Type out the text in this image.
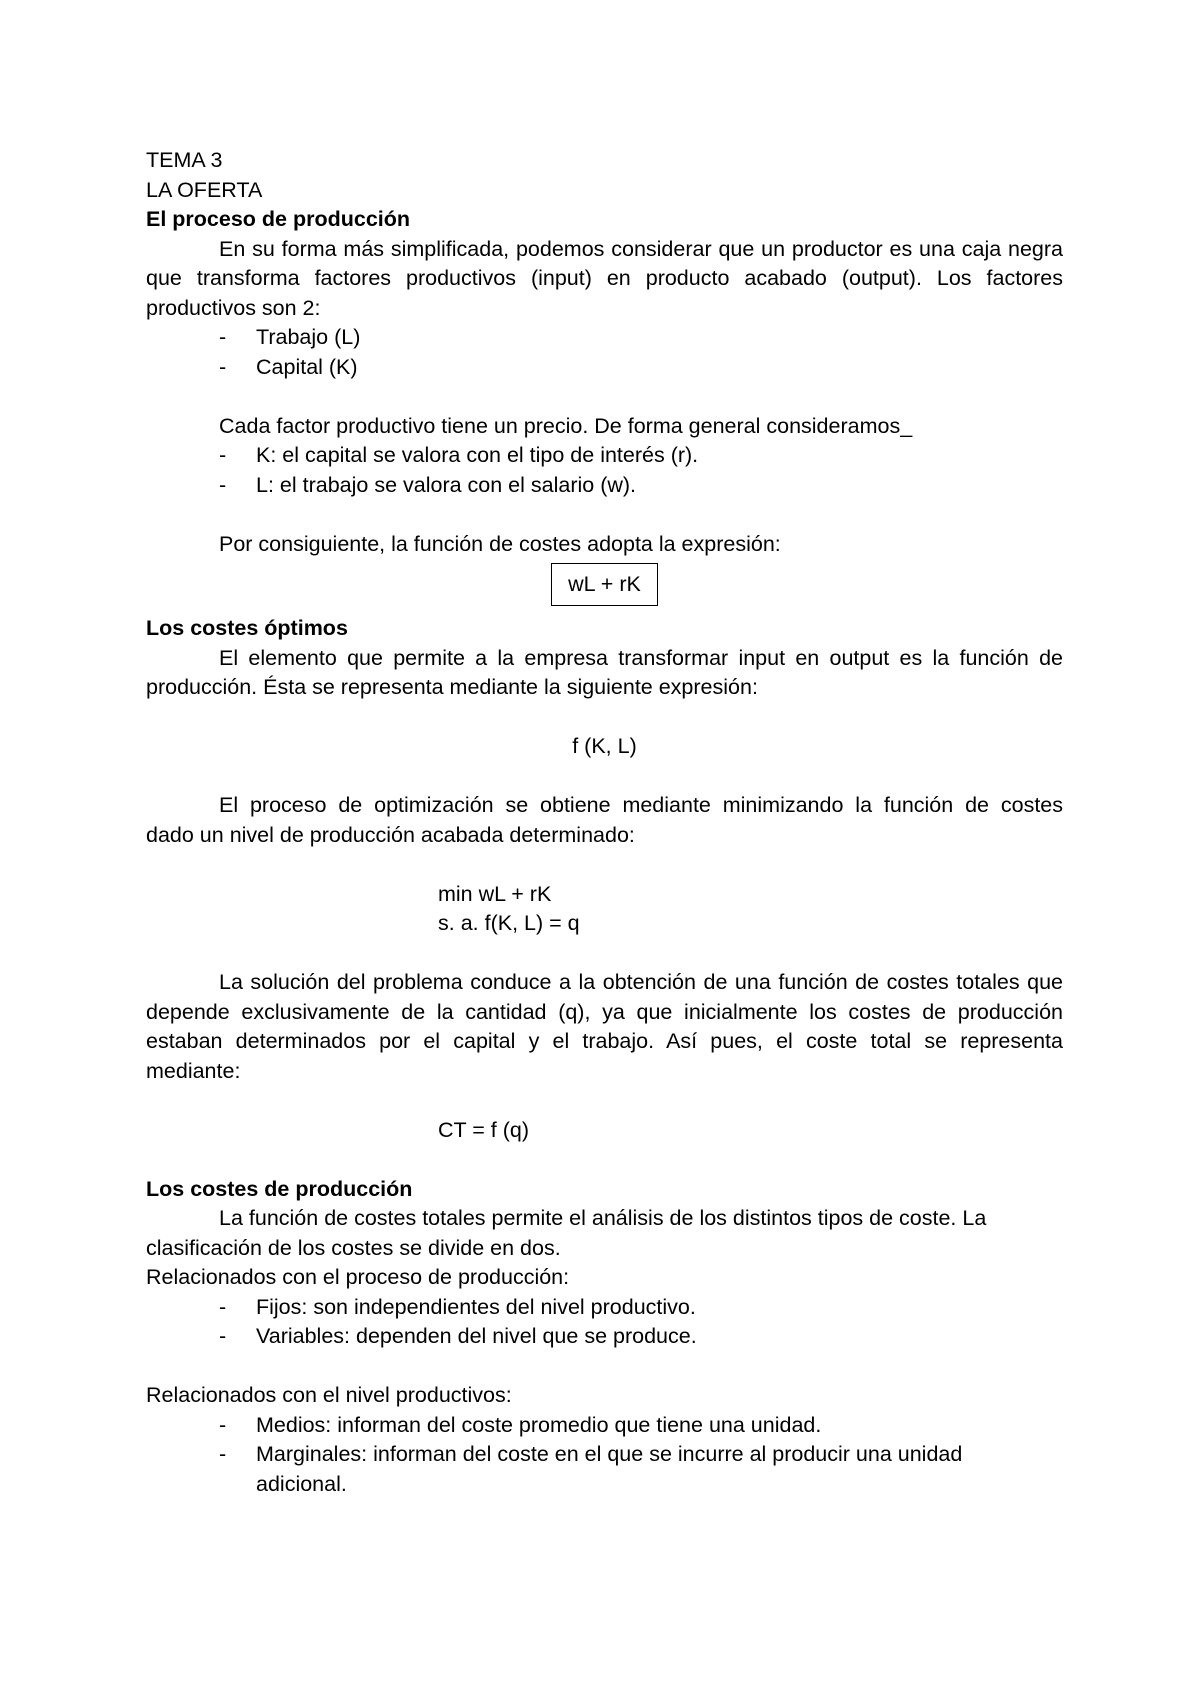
TEMA 3
LA OFERTA
El proceso de producción
En su forma más simplificada, podemos considerar que un productor es una caja negra
que transforma factores productivos (input) en producto acabado (output). Los factores
productivos son 2:
- Trabajo (L)
- Capital (K)
Cada factor productivo tiene un precio. De forma general consideramos_
- K: el capital se valora con el tipo de interés (r).
- L: el trabajo se valora con el salario (w).
Por consiguiente, la función de costes adopta la expresión:
wL + rK
Los costes óptimos
El elemento que permite a la empresa transformar input en output es la función de
producción. Ésta se representa mediante la siguiente expresión:
f (K, L)
El proceso de optimización se obtiene mediante minimizando la función de costes
dado un nivel de producción acabada determinado:
min wL + rK
s. a. f(K, L) = q
La solución del problema conduce a la obtención de una función de costes totales que
depende exclusivamente de la cantidad (q), ya que inicialmente los costes de producción
estaban determinados por el capital y el trabajo. Así pues, el coste total se representa
mediante:
CT = f (q)
Los costes de producción
La función de costes totales permite el análisis de los distintos tipos de coste. La
clasificación de los costes se divide en dos.
Relacionados con el proceso de producción:
- Fijos: son independientes del nivel productivo.
- Variables: dependen del nivel que se produce.
Relacionados con el nivel productivos:
- Medios: informan del coste promedio que tiene una unidad.
- Marginales: informan del coste en el que se incurre al producir una unidad
adicional.
